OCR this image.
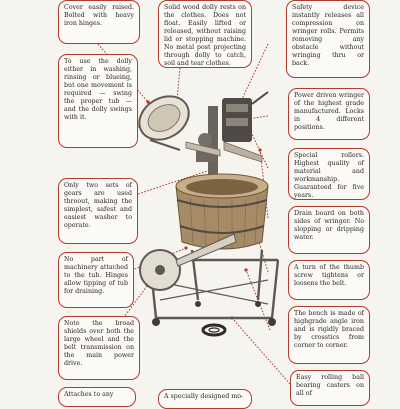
Cover easily raised. Bolted with heavy iron hinges.
Solid wood dolly rests on the clothes. Does not float. Easily lifted or released, without raising lid or stopping machine. No metal post projecting through dolly to catch, soil and tear clothes.
Safety device instantly releases all compression on wringer rolls. Permits removing any obstacle without wringing thru or back.
To use the dolly either in washing, rinsing or blueing, but one movement is required — swing the proper tub — and the dolly swings with it.
Power driven wringer of the highest grade manufactured. Locks in 4 different positions.
Special rollers. Highest quality of material and workmanship. Guaranteed for five years.
Only two sets of gears are used throout, making the simplest, safest and easiest washer to operate.
Drain board on both sides of wringer. No slopping or dripping water.
No part of machinery attached to the tub. Hinges allow tipping of tub for draining.
A turn of the thumb screw tightens or loosens the belt.
Note the broad shields over both the large wheel and the belt transmission on the main power drive.
The bench is made of highgrade angle iron and is rigidly braced by crosstics from corner to corner.
Attaches to any	A specially designed mo-
Easy rolling ball bearing casters on all of
